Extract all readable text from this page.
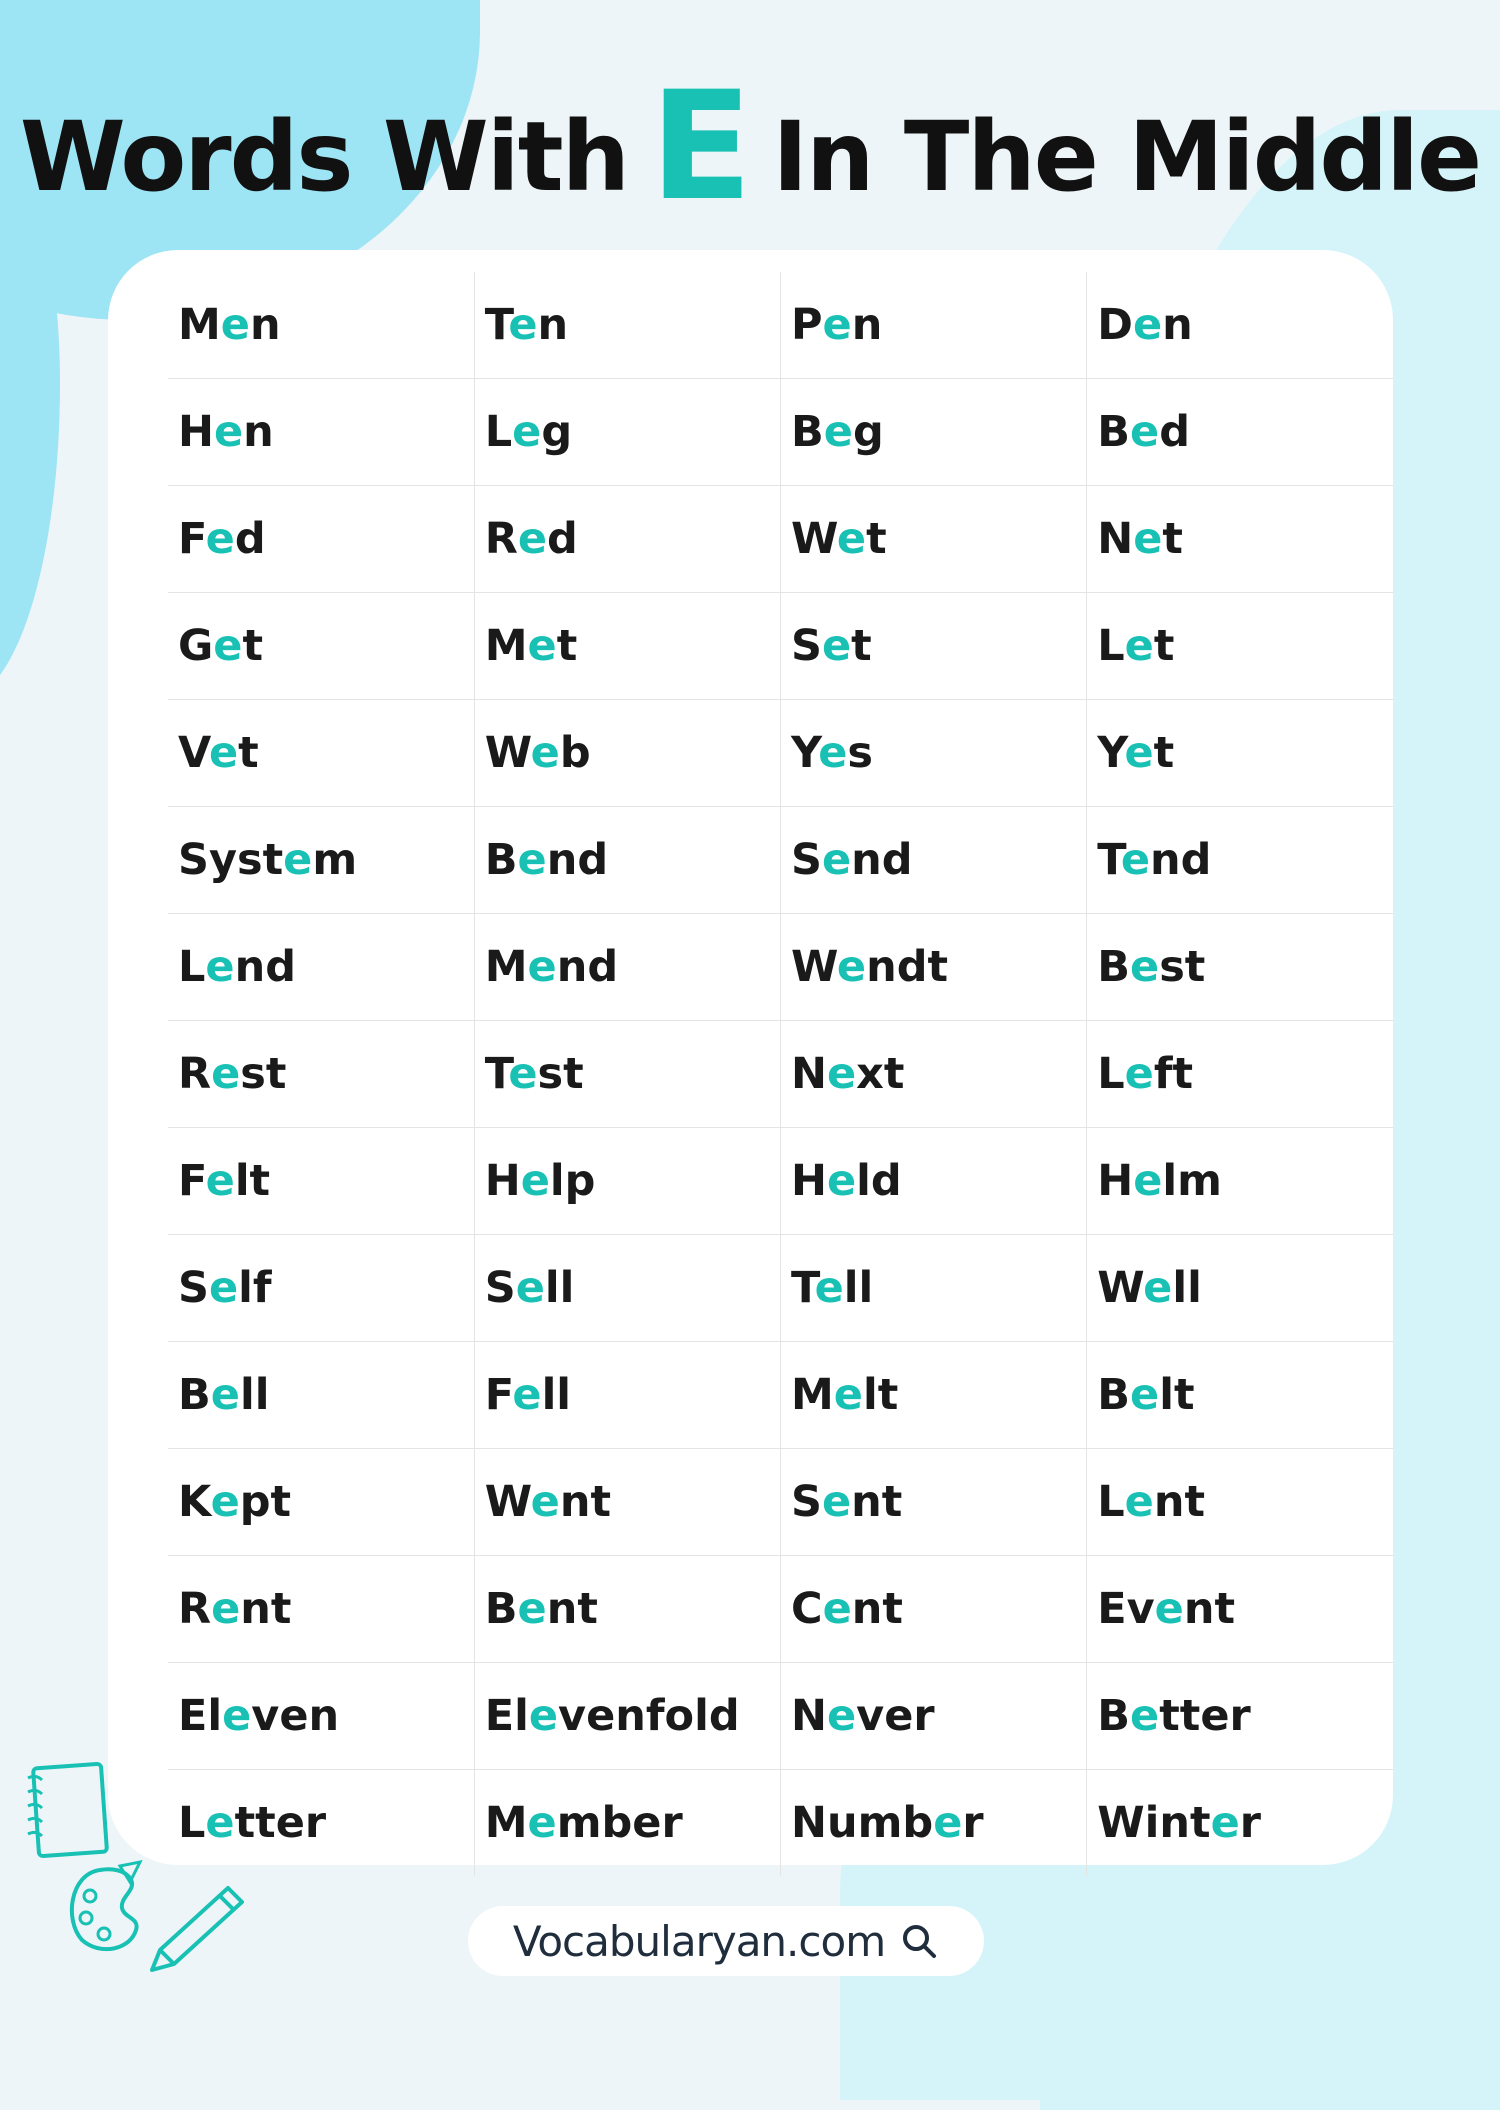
Words With E In The Middle
Men	Ten	Pen	Den
Hen	Leg	Beg	Bed
Fed	Red	Wet	Net
Get	Met	Set	Let
Vet	Web	Yes	Yet
System	Bend	Send	Tend
Lend	Mend	Wendt	Best
Rest	Test	Next	Left
Felt	Help	Held	Helm
Self	Sell	Tell	Well
Bell	Fell	Melt	Belt
Kept	Went	Sent	Lent
Rent	Bent	Cent	Event
Eleven	Elevenfold	Never	Better
Letter	Member	Number	Winter
Vocabularyan.com
